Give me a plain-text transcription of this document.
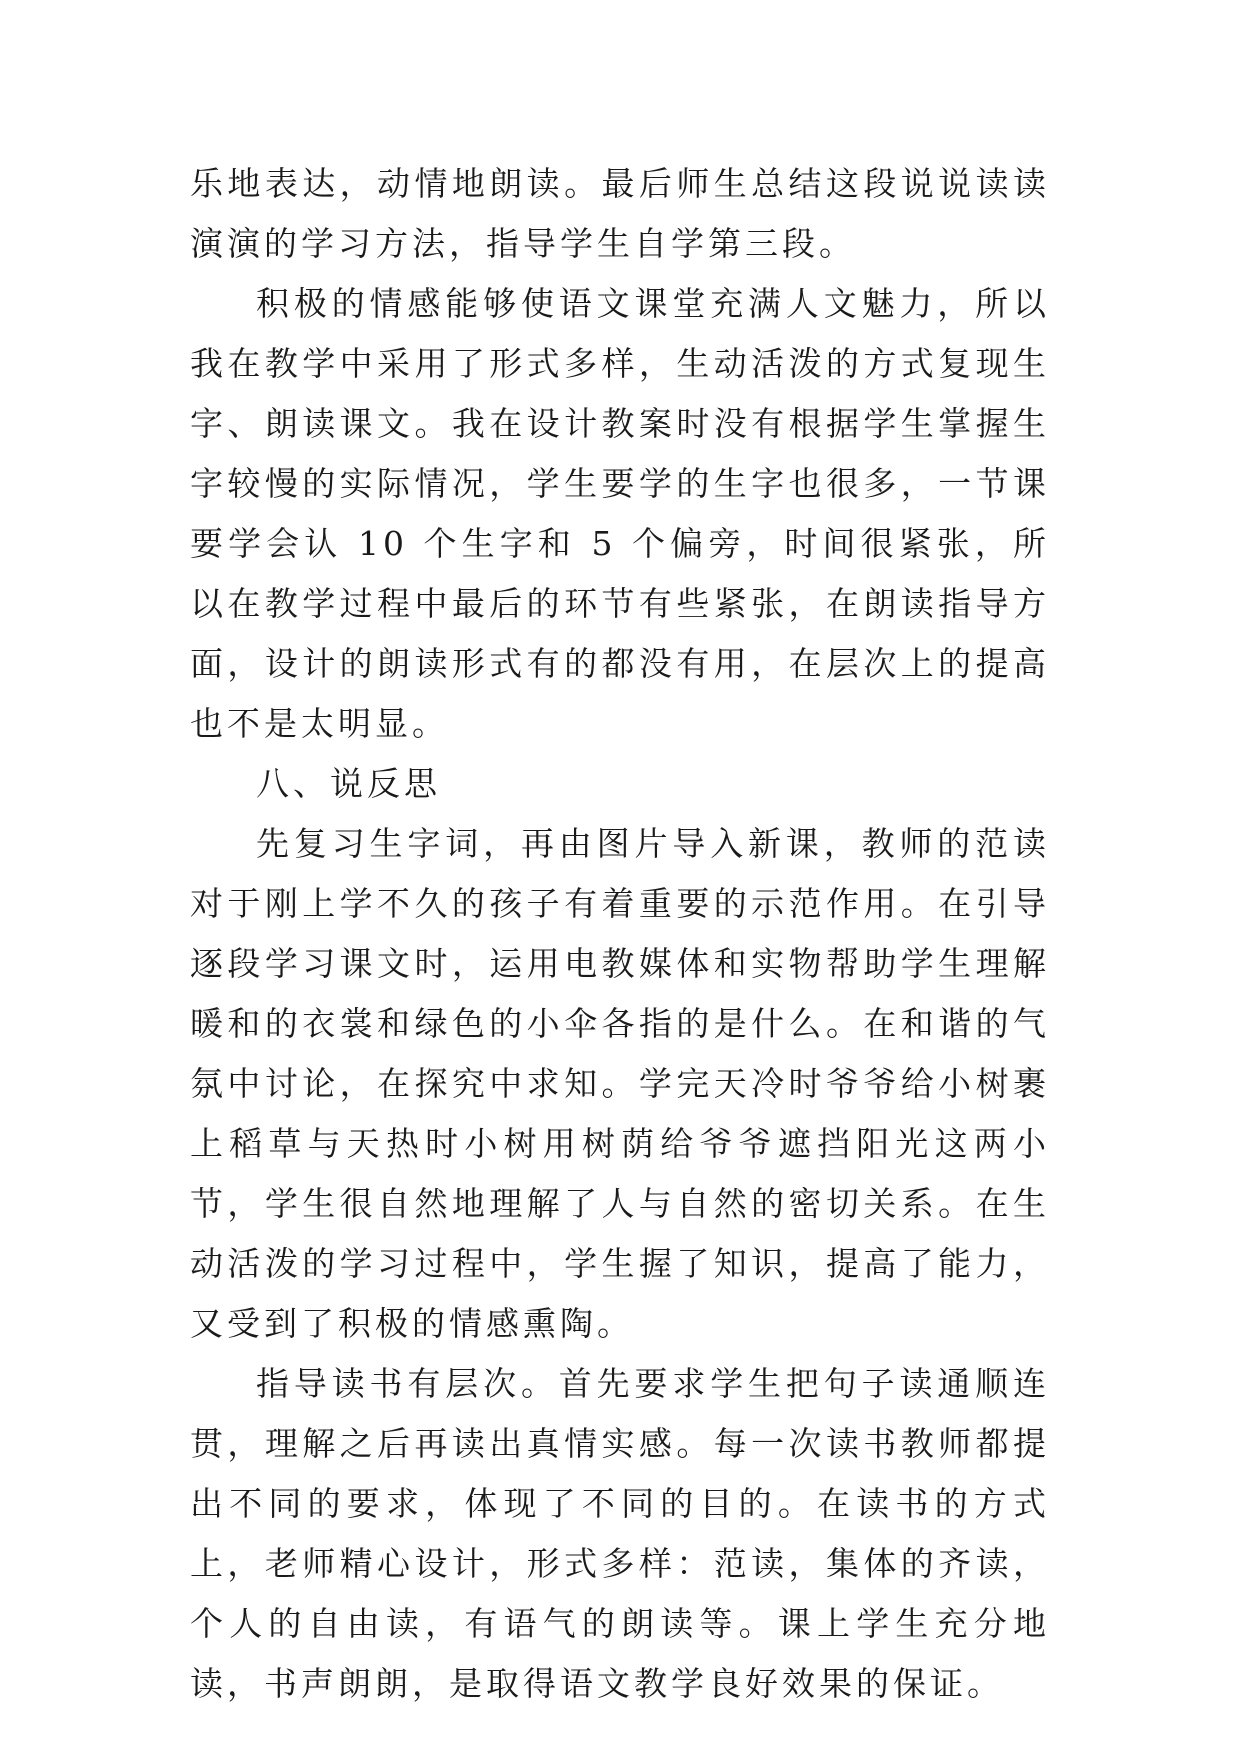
乐地表达，动情地朗读。最后师生总结这段说说读读演演的学习方法，指导学生自学第三段。

积极的情感能够使语文课堂充满人文魅力，所以我在教学中采用了形式多样，生动活泼的方式复现生字、朗读课文。我在设计教案时没有根据学生掌握生字较慢的实际情况，学生要学的生字也很多，一节课要学会认 10 个生字和 5 个偏旁，时间很紧张，所以在教学过程中最后的环节有些紧张，在朗读指导方面，设计的朗读形式有的都没有用，在层次上的提高也不是太明显。

八、说反思

先复习生字词，再由图片导入新课，教师的范读对于刚上学不久的孩子有着重要的示范作用。在引导逐段学习课文时，运用电教媒体和实物帮助学生理解暖和的衣裳和绿色的小伞各指的是什么。在和谐的气氛中讨论，在探究中求知。学完天冷时爷爷给小树裹上稻草与天热时小树用树荫给爷爷遮挡阳光这两小节，学生很自然地理解了人与自然的密切关系。在生动活泼的学习过程中，学生握了知识，提高了能力，又受到了积极的情感熏陶。

指导读书有层次。首先要求学生把句子读通顺连贯，理解之后再读出真情实感。每一次读书教师都提出不同的要求，体现了不同的目的。在读书的方式上，老师精心设计，形式多样：范读，集体的齐读，个人的自由读，有语气的朗读等。课上学生充分地读，书声朗朗，是取得语文教学良好效果的保证。
